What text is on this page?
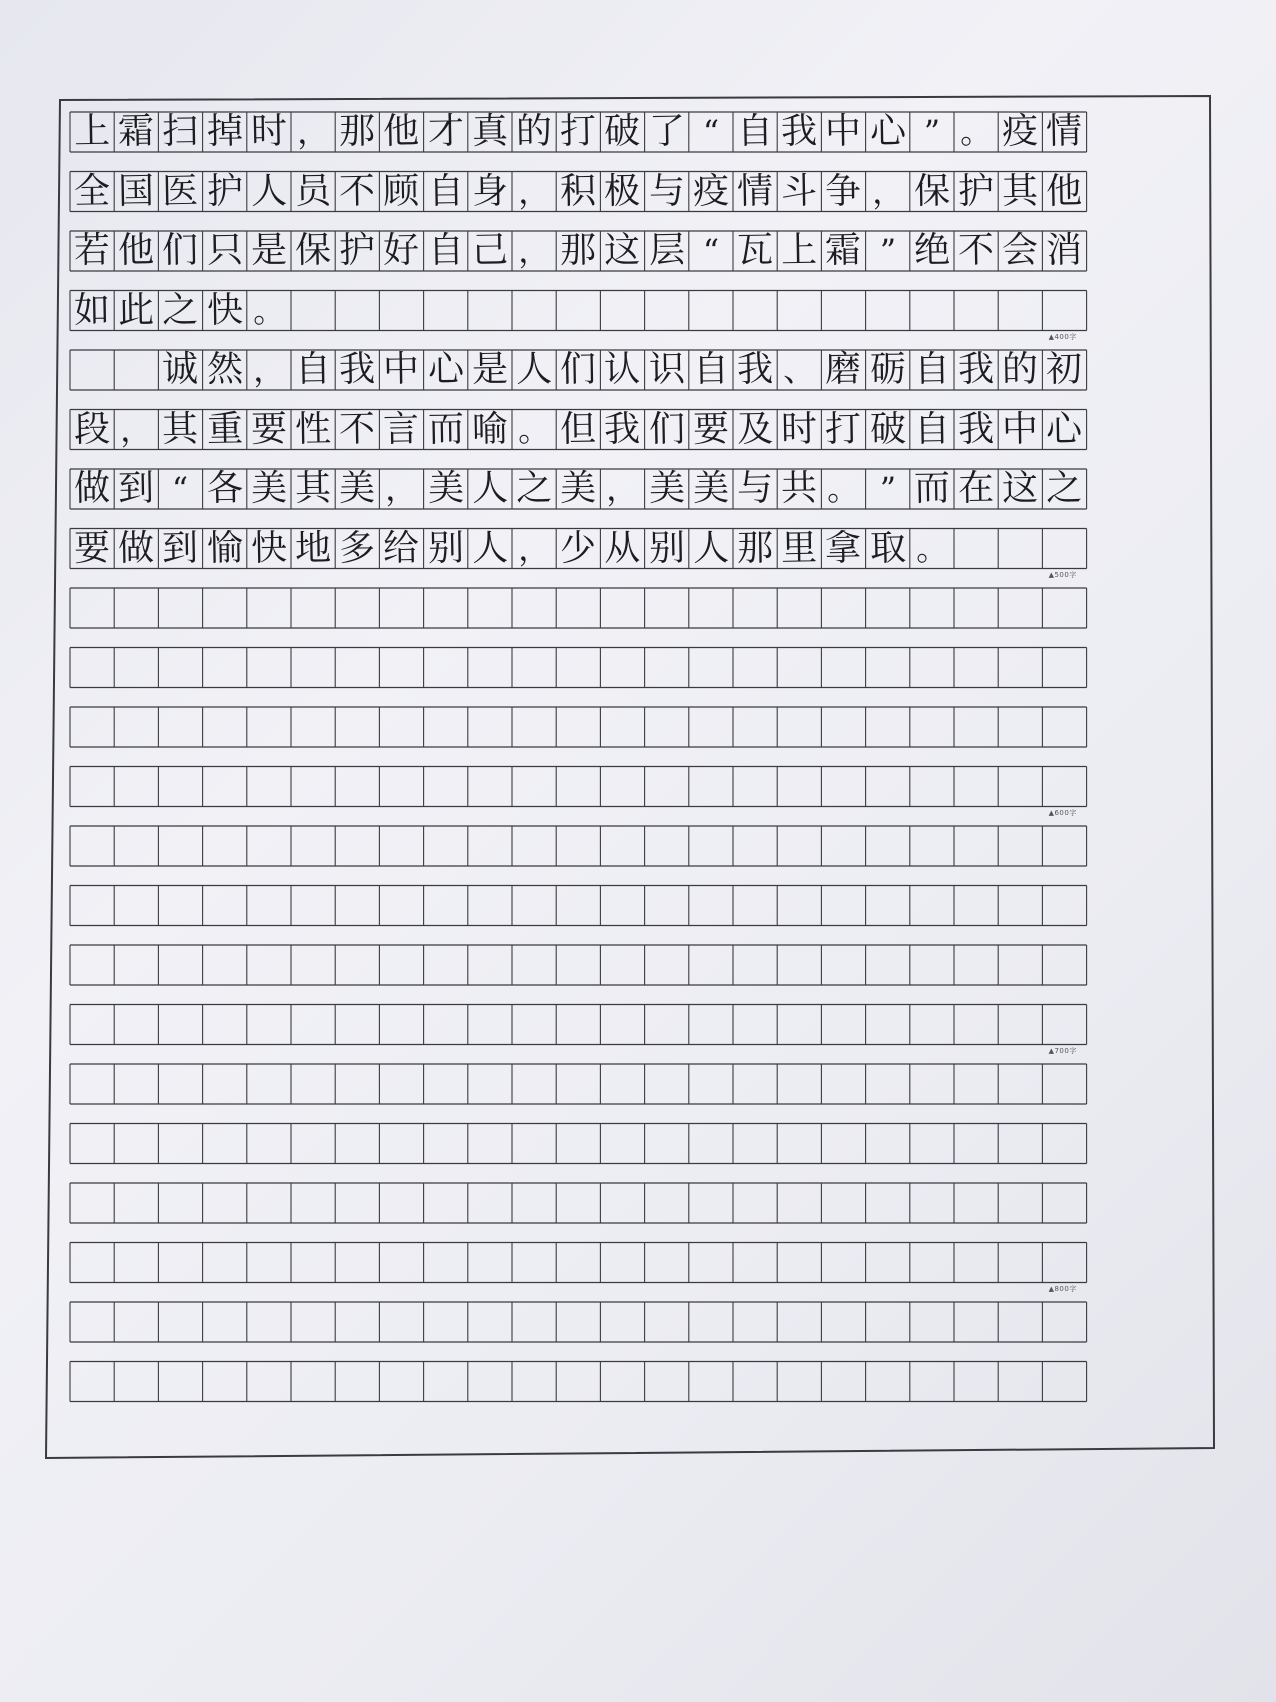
上 霜 扫 掉 时 ， 那 他 才 真 的 打 破 了 “ 自 我 中 心 ” 。 疫 情
全 国 医 护 人 员 不 顾 自 身 ， 积 极 与 疫 情 斗 争 ， 保 护 其 他
若 他 们 只 是 保 护 好 自 己 ， 那 这 层 “ 瓦 上 霜 ” 绝 不 会 消
如 此 之 快 。
诚 然 ， 自 我 中 心 是 人 们 认 识 自 我 、 磨 砺 自 我 的 初
段 ， 其 重 要 性 不 言 而 喻 。 但 我 们 要 及 时 打 破 自 我 中 心
做 到 “ 各 美 其 美 ， 美 人 之 美 ， 美 美 与 共 。 ” 而 在 这 之
要 做 到 愉 快 地 多 给 别 人 ， 少 从 别 人 那 里 拿 取 。
▲400字
▲500字
▲600字
▲700字
▲800字
